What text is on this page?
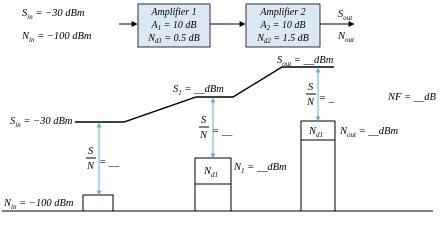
$S_{in} = -30$ dBm
$N_{in} = -100$ dBm
Amplifier 1
$A_1 = 10$ dB
$N_{d1} = 0.5$ dB
Amplifier 2
$A_2 = 10$ dB
$N_{d2} = 1.5$ dB
$S_{out}$
$N_{out}$
$S_{in} = -30$ dBm
$S_1$ = __dBm
$S_{out}$ = __dBm
$N_{in} = -100$ dBm
$N_{d1}$
$N_1$ = __dBm
$N_{d1}$ $N_{out}$ = __dBm
S
N = __
S
N = __
S
N = _	NF = __dB
